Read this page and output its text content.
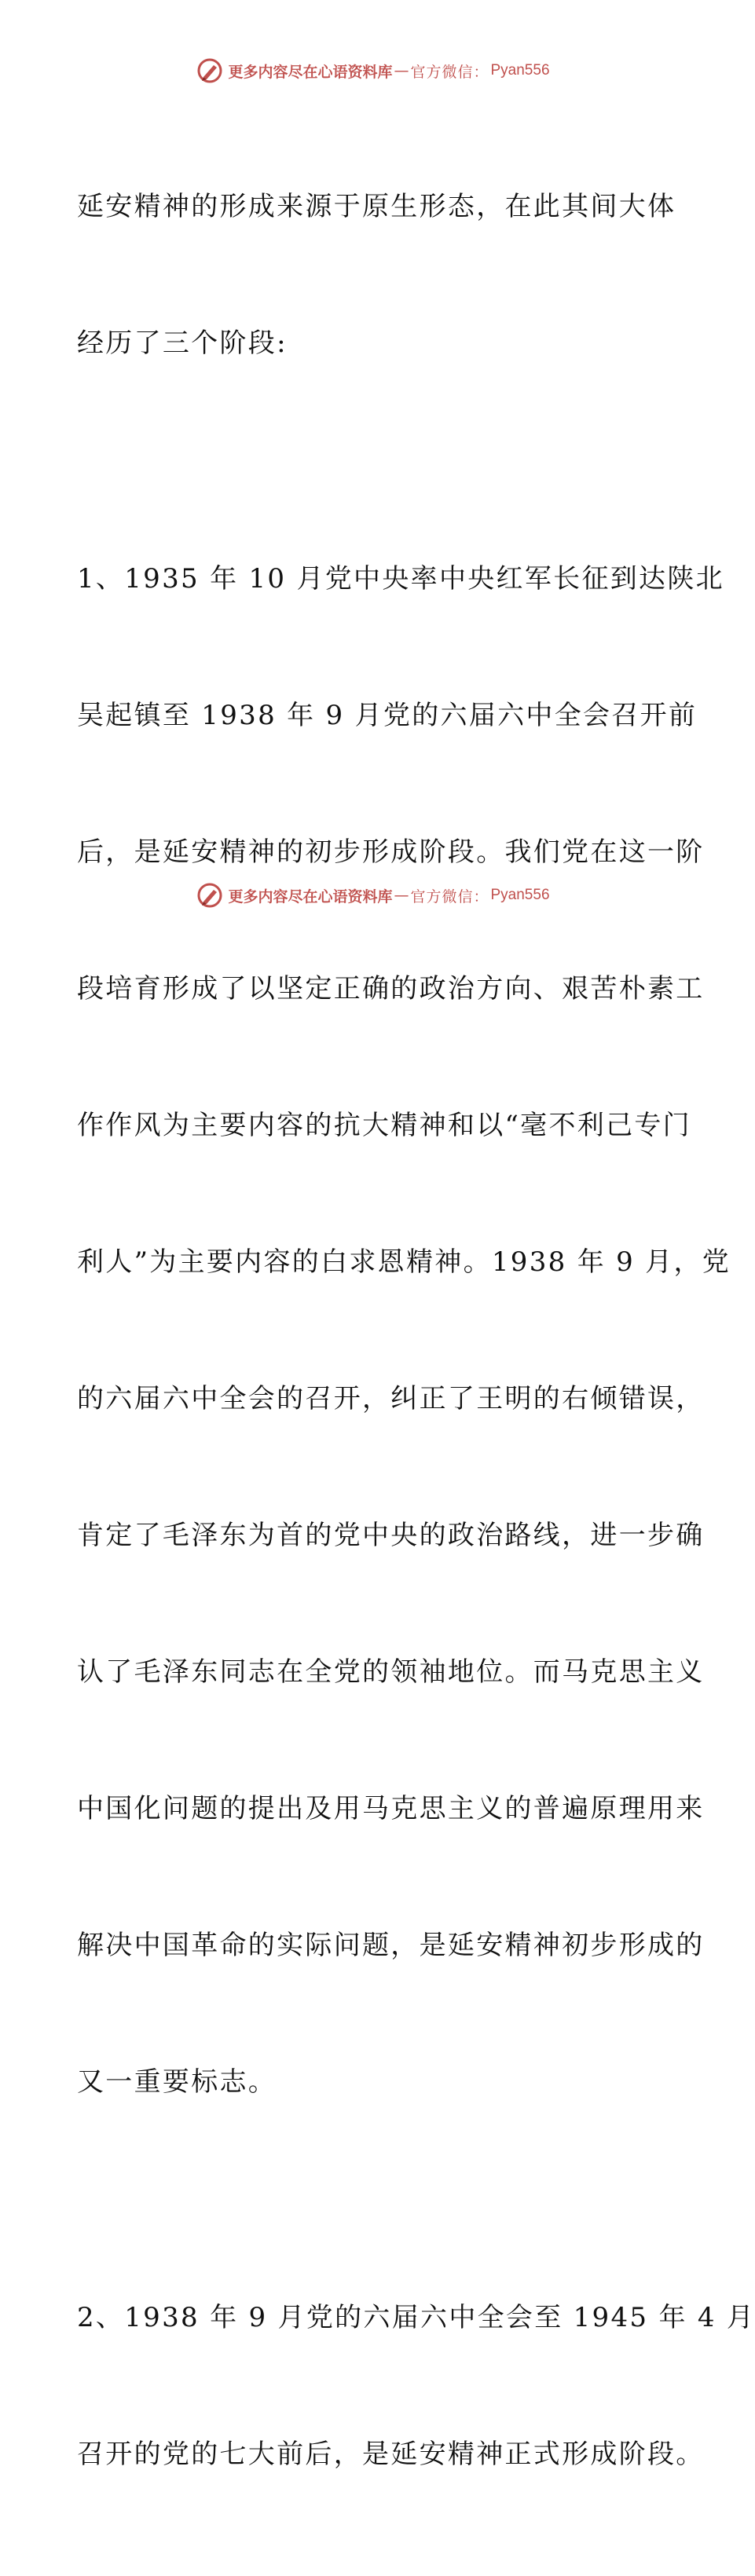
更多内容尽在心语资料库 — 官方微信： Pyan556

延安精神的形成来源于原生形态，在此其间大体

经历了三个阶段:

1、1935 年 10 月党中央率中央红军长征到达陕北

吴起镇至 1938 年 9 月党的六届六中全会召开前

后，是延安精神的初步形成阶段。我们党在这一阶

段培育形成了以坚定正确的政治方向、艰苦朴素工

作作风为主要内容的抗大精神和以“毫不利己专门

利人”为主要内容的白求恩精神。1938 年 9 月，党

的六届六中全会的召开，纠正了王明的右倾错误，

肯定了毛泽东为首的党中央的政治路线，进一步确

认了毛泽东同志在全党的领袖地位。而马克思主义

中国化问题的提出及用马克思主义的普遍原理用来

解决中国革命的实际问题，是延安精神初步形成的

又一重要标志。

2、1938 年 9 月党的六届六中全会至 1945 年 4 月

召开的党的七大前后，是延安精神正式形成阶段。

更多内容尽在心语资料库 — 官方微信： Pyan556
